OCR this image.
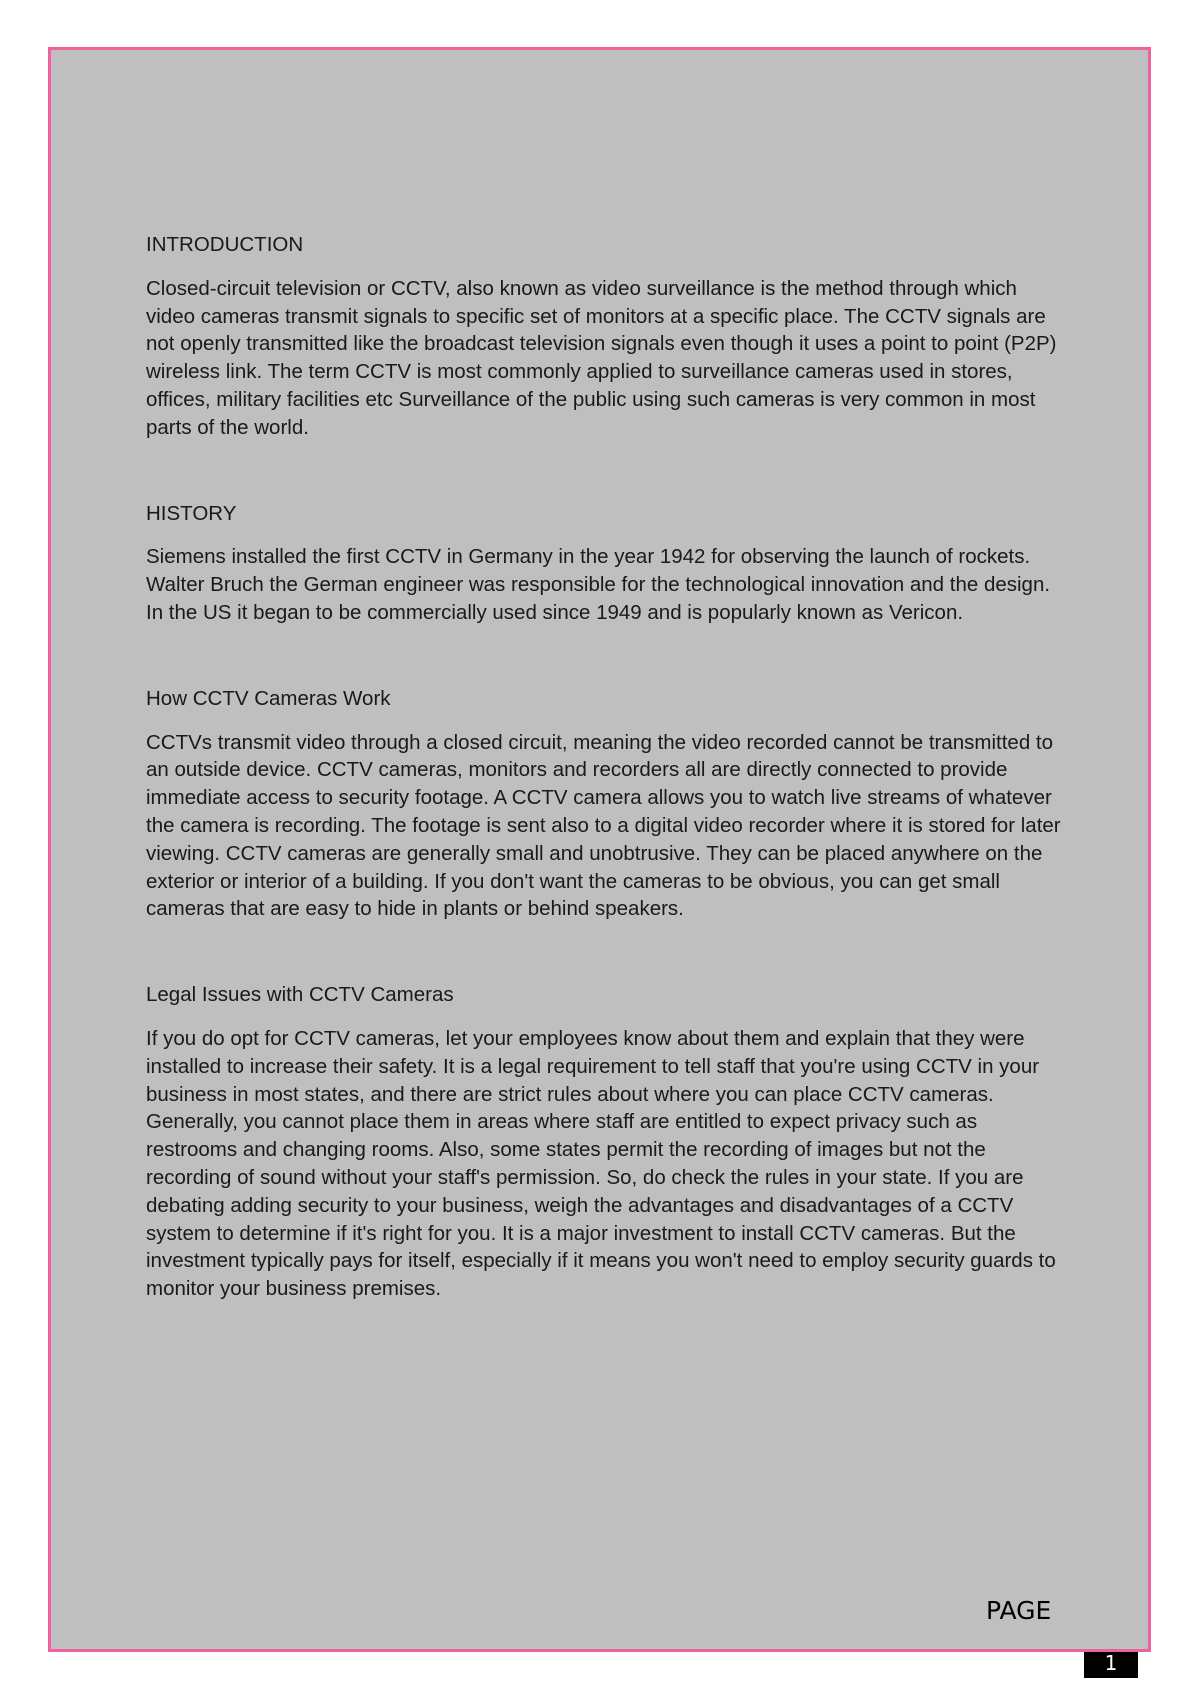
INTRODUCTION

Closed-circuit television or CCTV, also known as video surveillance is the method through which video cameras transmit signals to specific set of monitors at a specific place. The CCTV signals are not openly transmitted like the broadcast television signals even though it uses a point to point (P2P) wireless link. The term CCTV is most commonly applied to surveillance cameras used in stores, offices, military facilities etc Surveillance of the public using such cameras is very common in most parts of the world.

HISTORY

Siemens installed the first CCTV in Germany in the year 1942 for observing the launch of rockets. Walter Bruch the German engineer was responsible for the technological innovation and the design. In the US it began to be commercially used since 1949 and is popularly known as Vericon.

How CCTV Cameras Work

CCTVs transmit video through a closed circuit, meaning the video recorded cannot be transmitted to an outside device. CCTV cameras, monitors and recorders all are directly connected to provide immediate access to security footage. A CCTV camera allows you to watch live streams of whatever the camera is recording. The footage is sent also to a digital video recorder where it is stored for later viewing. CCTV cameras are generally small and unobtrusive. They can be placed anywhere on the exterior or interior of a building. If you don't want the cameras to be obvious, you can get small cameras that are easy to hide in plants or behind speakers.

Legal Issues with CCTV Cameras

If you do opt for CCTV cameras, let your employees know about them and explain that they were installed to increase their safety. It is a legal requirement to tell staff that you're using CCTV in your business in most states, and there are strict rules about where you can place CCTV cameras. Generally, you cannot place them in areas where staff are entitled to expect privacy such as restrooms and changing rooms. Also, some states permit the recording of images but not the recording of sound without your staff's permission. So, do check the rules in your state. If you are debating adding security to your business, weigh the advantages and disadvantages of a CCTV system to determine if it's right for you. It is a major investment to install CCTV cameras. But the investment typically pays for itself, especially if it means you won't need to employ security guards to monitor your business premises.

PAGE
1
